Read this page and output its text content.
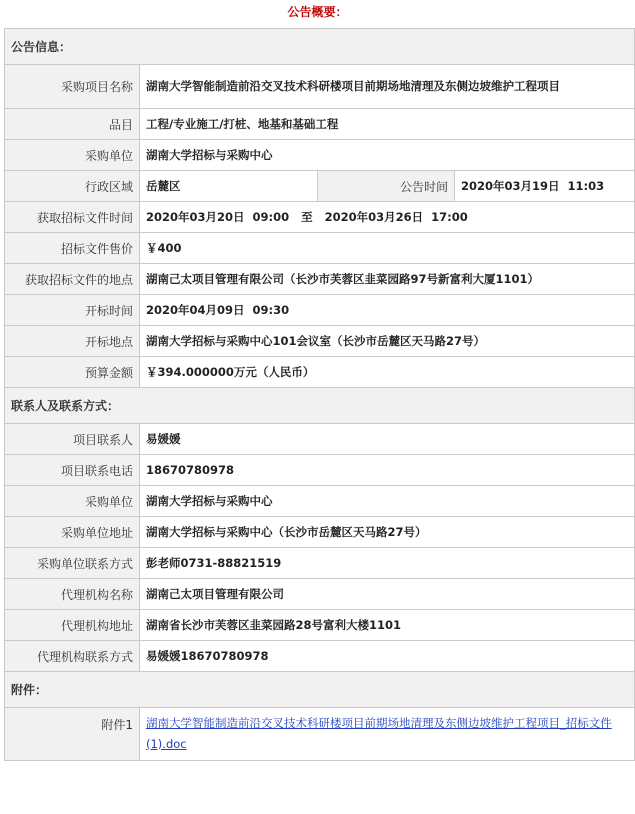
公告概要：
公告信息：			
采购项目名称	湖南大学智能制造前沿交叉技术科研楼项目前期场地清理及东侧边坡维护工程项目		
品目	工程/专业施工/打桩、地基和基础工程		
采购单位	湖南大学招标与采购中心		
行政区域	岳麓区	公告时间	2020年03月19日  11:03
获取招标文件时间	2020年03月20日  09:00   至   2020年03月26日  17:00		
招标文件售价	￥400		
获取招标文件的地点	湖南己太项目管理有限公司（长沙市芙蓉区韭菜园路97号新富利大厦1101）		
开标时间	2020年04月09日  09:30		
开标地点	湖南大学招标与采购中心101会议室（长沙市岳麓区天马路27号）		
预算金额	￥394.000000万元（人民币）		
联系人及联系方式：			
项目联系人	易媛媛		
项目联系电话	18670780978		
采购单位	湖南大学招标与采购中心		
采购单位地址	湖南大学招标与采购中心（长沙市岳麓区天马路27号）		
采购单位联系方式	彭老师0731-88821519		
代理机构名称	湖南己太项目管理有限公司		
代理机构地址	湖南省长沙市芙蓉区韭菜园路28号富利大楼1101		
代理机构联系方式	易媛媛18670780978		
附件：			
附件1	湖南大学智能制造前沿交叉技术科研楼项目前期场地清理及东侧边坡维护工程项目_招标文件(1).doc		
